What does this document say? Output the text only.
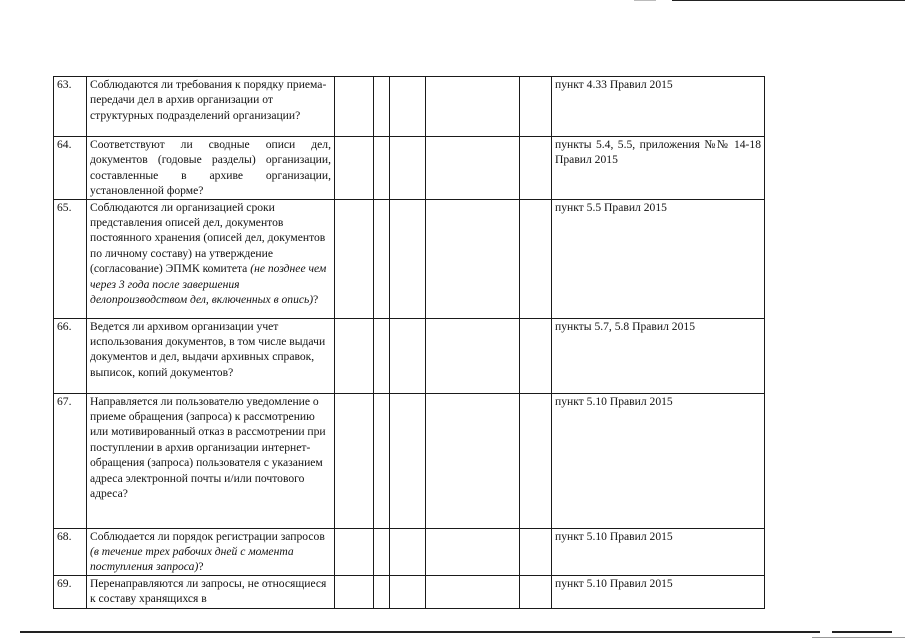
63.	Соблюдаются ли требования к порядку приема-передачи дел в архив организации от структурных подразделений организации?						пункт 4.33 Правил 2015
64.	Соответствуют ли сводные описи дел, документов (годовые разделы) организации, составленные в архиве организации, установленной форме?						пункты 5.4, 5.5, приложения №№ 14-18 Правил 2015
65.	Соблюдаются ли организацией сроки представления описей дел, документов постоянного хранения (описей дел, документов по личному составу) на утверждение (согласование) ЭПМК комитета (не позднее чем через 3 года после завершения делопроизводством дел, включенных в опись)?						пункт 5.5 Правил 2015
66.	Ведется ли архивом организации учет использования документов, в том числе выдачи документов и дел, выдачи архивных справок, выписок, копий документов?						пункты 5.7, 5.8 Правил 2015
67.	Направляется ли пользователю уведомление о приеме обращения (запроса) к рассмотрению или мотивированный отказ в рассмотрении при поступлении в архив организации интернет-обращения (запроса) пользователя с указанием адреса электронной почты и/или почтового адреса?						пункт 5.10 Правил 2015
68.	Соблюдается ли порядок регистрации запросов (в течение трех рабочих дней с момента поступления запроса)?						пункт 5.10 Правил 2015
69.	Перенаправляются ли запросы, не относящиеся к составу хранящихся в						пункт 5.10 Правил 2015
